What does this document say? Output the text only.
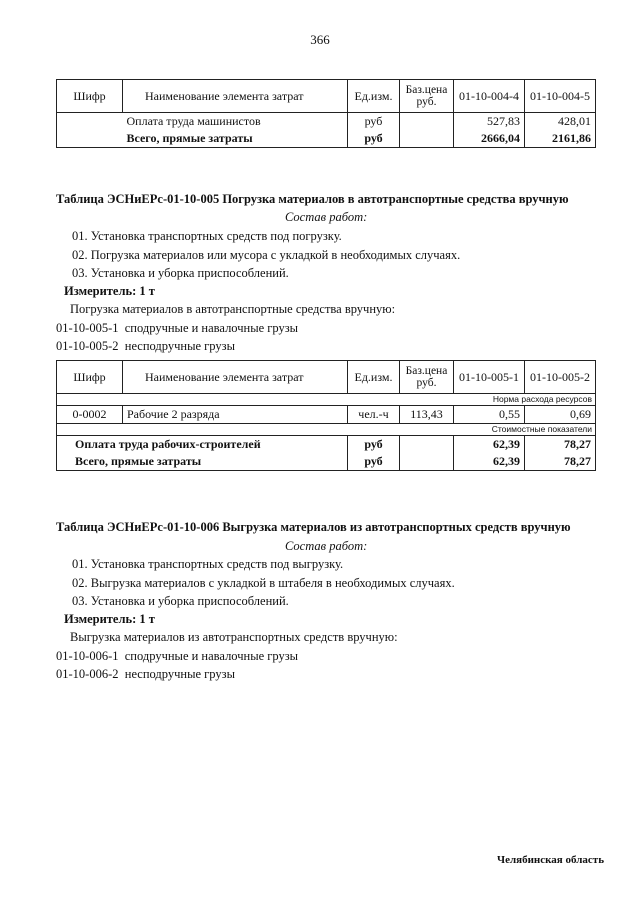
366
Шифр	Наименование элемента затрат	Ед.изм.	Баз.цена руб.	01-10-004-4	01-10-004-5
	Оплата труда машинистов	руб		527,83	428,01
	Всего, прямые затраты	руб		2666,04	2161,86
Таблица ЭСНиЕРс-01-10-005 Погрузка материалов в автотранспортные средства вручную
Состав работ:
01. Установка транспортных средств под погрузку.
02. Погрузка материалов или мусора с укладкой в необходимых случаях.
03. Установка и уборка приспособлений.
Измеритель: 1 т
Погрузка материалов в автотранспортные средства вручную:
01-10-005-1 сподручные и навалочные грузы
01-10-005-2 несподручные грузы
Шифр	Наименование элемента затрат	Ед.изм.	Баз.цена руб.	01-10-005-1	01-10-005-2
Норма расхода ресурсов					
0-0002	Рабочие 2 разряда	чел.-ч	113,43	0,55	0,69
Стоимостные показатели					
Оплата труда рабочих-строителей		руб		62,39	78,27
Всего, прямые затраты		руб		62,39	78,27
Таблица ЭСНиЕРс-01-10-006 Выгрузка материалов из автотранспортных средств вручную
Состав работ:
01. Установка транспортных средств под выгрузку.
02. Выгрузка материалов с укладкой в штабеля в необходимых случаях.
03. Установка и уборка приспособлений.
Измеритель: 1 т
Выгрузка материалов из автотранспортных средств вручную:
01-10-006-1 сподручные и навалочные грузы
01-10-006-2 несподручные грузы
Челябинская область
